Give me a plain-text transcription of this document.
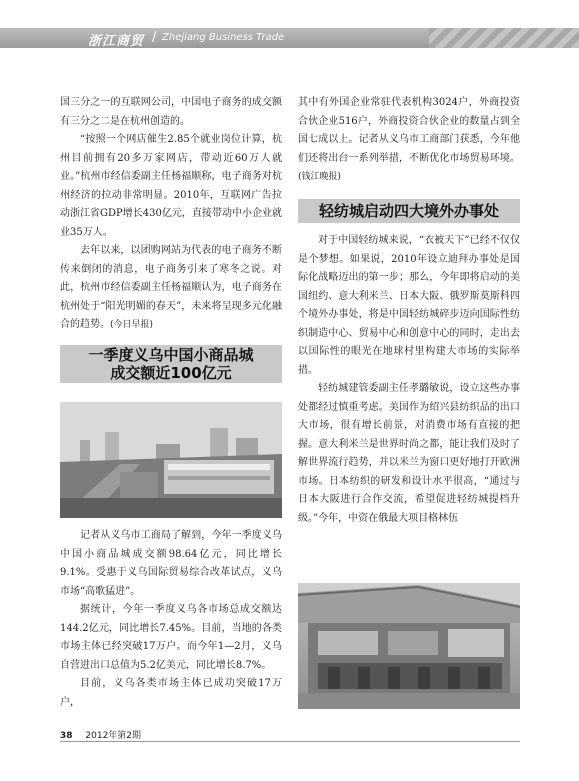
浙江商贸 / Zhejiang Business Trade

国三分之一的互联网公司，中国电子商务的成交额有三分之二是在杭州创造的。

“按照一个网店催生2.85个就业岗位计算，杭州目前拥有20多万家网店，带动近60万人就业。”杭州市经信委副主任杨福顺称，电子商务对杭州经济的拉动非常明显。2010年，互联网广告拉动浙江省GDP增长430亿元，直接带动中小企业就业35万人。

去年以来，以团购网站为代表的电子商务不断传来倒闭的消息，电子商务引来了寒冬之说。对此，杭州市经信委副主任杨福顺认为，电子商务在杭州处于“阳光明媚的春天”，未来将呈现多元化融合的趋势。(今日早报)

一季度义乌中国小商品城
成交额近100亿元

记者从义乌市工商局了解到，今年一季度义乌中国小商品城成交额98.64亿元，同比增长9.1%。受惠于义乌国际贸易综合改革试点，义乌市场“高歌猛进”。

据统计，今年一季度义乌各市场总成交额达144.2亿元，同比增长7.45%。目前，当地的各类市场主体已经突破17万户。而今年1—2月，义乌自营进出口总值为5.2亿美元，同比增长8.7%。

目前，义乌各类市场主体已成功突破17万户，

其中有外国企业常驻代表机构3024户，外商投资合伙企业516户，外商投资合伙企业的数量占到全国七成以上。记者从义乌市工商部门获悉，今年他们还将出台一系列举措，不断优化市场贸易环境。(钱江晚报)

轻纺城启动四大境外办事处

对于中国轻纺城来说，“衣被天下”已经不仅仅是个梦想。如果说，2010年设立迪拜办事处是国际化战略迈出的第一步；那么，今年即将启动的美国纽约、意大利米兰、日本大阪、俄罗斯莫斯科四个境外办事处，将是中国轻纺城碎步迈向国际性纺织制造中心、贸易中心和创意中心的同时，走出去以国际性的眼光在地球村里构建大市场的实际举措。

轻纺城建管委副主任孝璐敏说，设立这些办事处都经过慎重考虑。美国作为绍兴县纺织品的出口大市场，很有增长前景，对消费市场有直接的把握。意大利米兰是世界时尚之都，能让我们及时了解世界流行趋势，并以米兰为窗口更好地打开欧洲市场。日本纺织的研发和设计水平很高，“通过与日本大阪进行合作交流，希望促进轻纺城提档升级。”今年，中资在俄最大项目格林伍

38 2012年第2期
